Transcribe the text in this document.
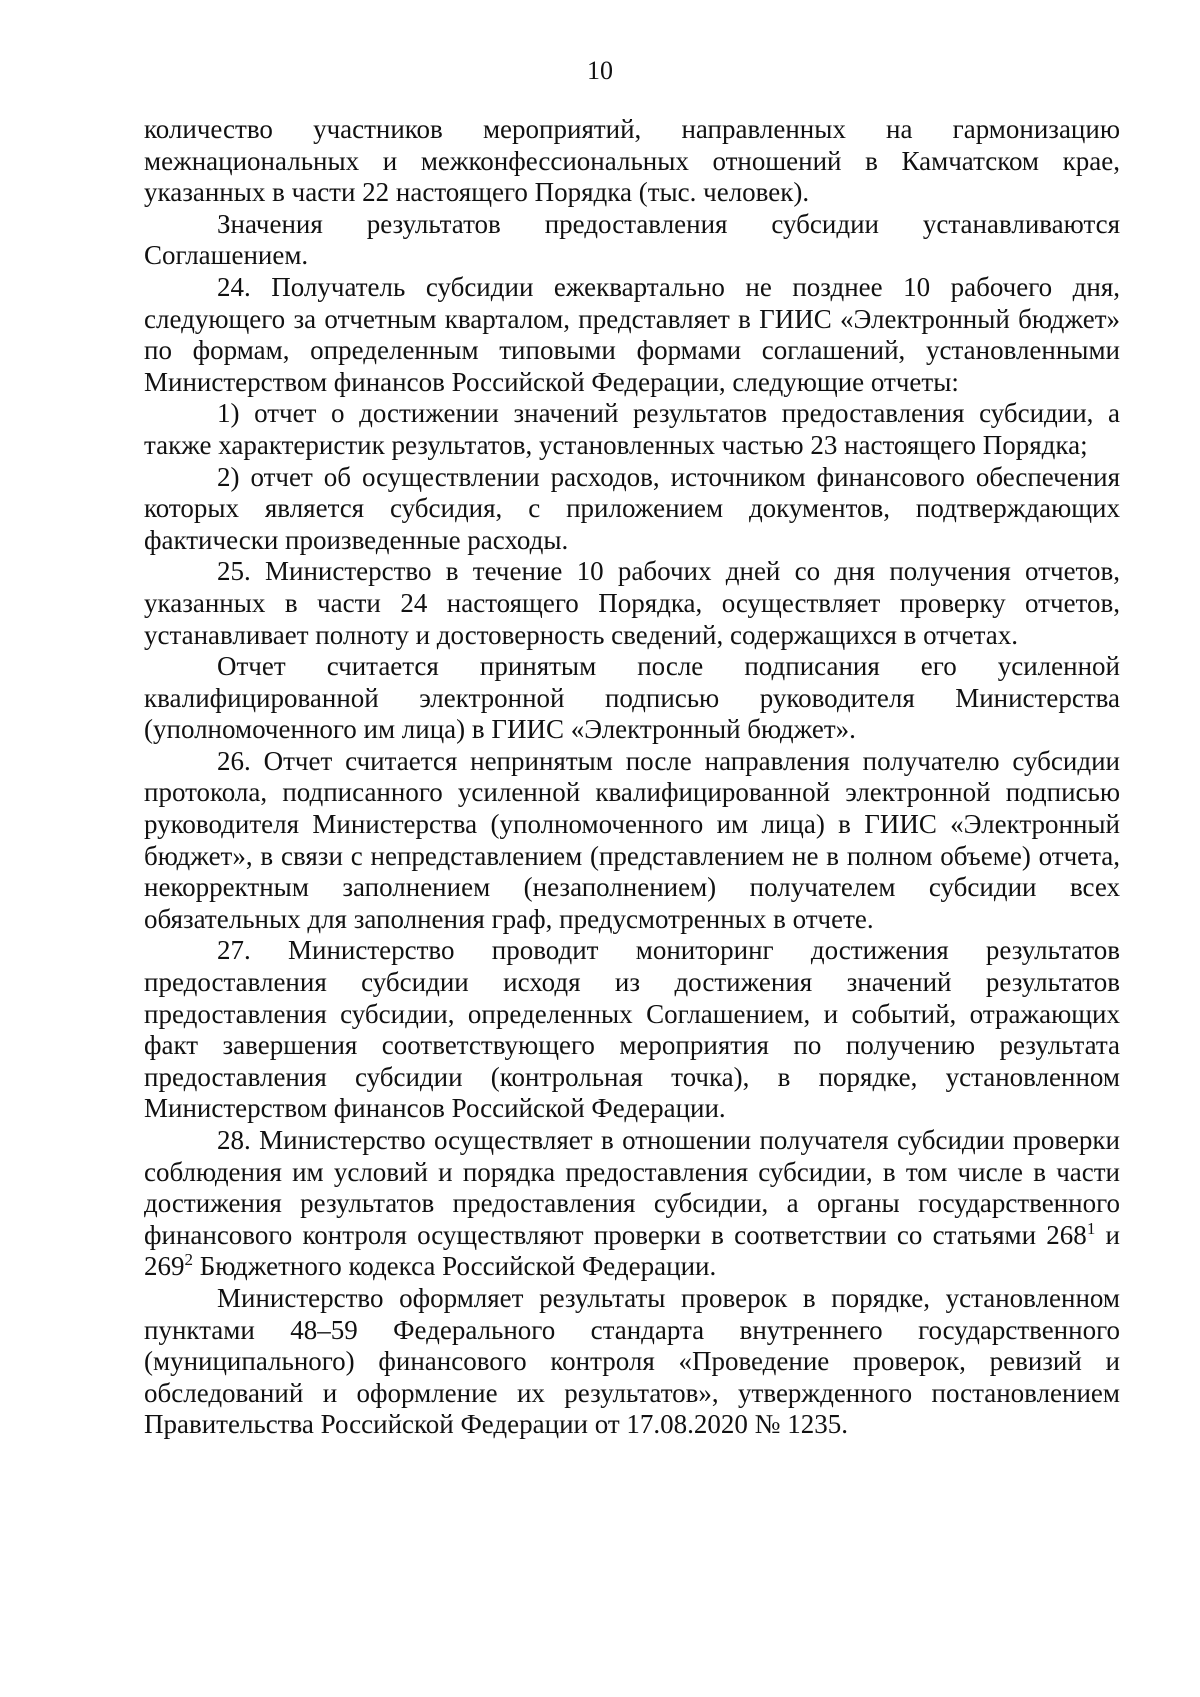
10

количество участников мероприятий, направленных на гармонизацию межнациональных и межконфессиональных отношений в Камчатском крае, указанных в части 22 настоящего Порядка (тыс. человек).

Значения результатов предоставления субсидии устанавливаются Соглашением.

24. Получатель субсидии ежеквартально не позднее 10 рабочего дня, следующего за отчетным кварталом, представляет в ГИИС «Электронный бюджет» по формам, определенным типовыми формами соглашений, установленными Министерством финансов Российской Федерации, следующие отчеты:

1) отчет о достижении значений результатов предоставления субсидии, а также характеристик результатов, установленных частью 23 настоящего Порядка;

2) отчет об осуществлении расходов, источником финансового обеспечения которых является субсидия, с приложением документов, подтверждающих фактически произведенные расходы.

25. Министерство в течение 10 рабочих дней со дня получения отчетов, указанных в части 24 настоящего Порядка, осуществляет проверку отчетов, устанавливает полноту и достоверность сведений, содержащихся в отчетах.

Отчет считается принятым после подписания его усиленной квалифицированной электронной подписью руководителя Министерства (уполномоченного им лица) в ГИИС «Электронный бюджет».

26. Отчет считается непринятым после направления получателю субсидии протокола, подписанного усиленной квалифицированной электронной подписью руководителя Министерства (уполномоченного им лица) в ГИИС «Электронный бюджет», в связи с непредставлением (представлением не в полном объеме) отчета, некорректным заполнением (незаполнением) получателем субсидии всех обязательных для заполнения граф, предусмотренных в отчете.

27. Министерство проводит мониторинг достижения результатов предоставления субсидии исходя из достижения значений результатов предоставления субсидии, определенных Соглашением, и событий, отражающих факт завершения соответствующего мероприятия по получению результата предоставления субсидии (контрольная точка), в порядке, установленном Министерством финансов Российской Федерации.

28. Министерство осуществляет в отношении получателя субсидии проверки соблюдения им условий и порядка предоставления субсидии, в том числе в части достижения результатов предоставления субсидии, а органы государственного финансового контроля осуществляют проверки в соответствии со статьями $268^1$ и $269^2$ Бюджетного кодекса Российской Федерации.

Министерство оформляет результаты проверок в порядке, установленном пунктами 48–59 Федерального стандарта внутреннего государственного (муниципального) финансового контроля «Проведение проверок, ревизий и обследований и оформление их результатов», утвержденного постановлением Правительства Российской Федерации от 17.08.2020 № 1235.
